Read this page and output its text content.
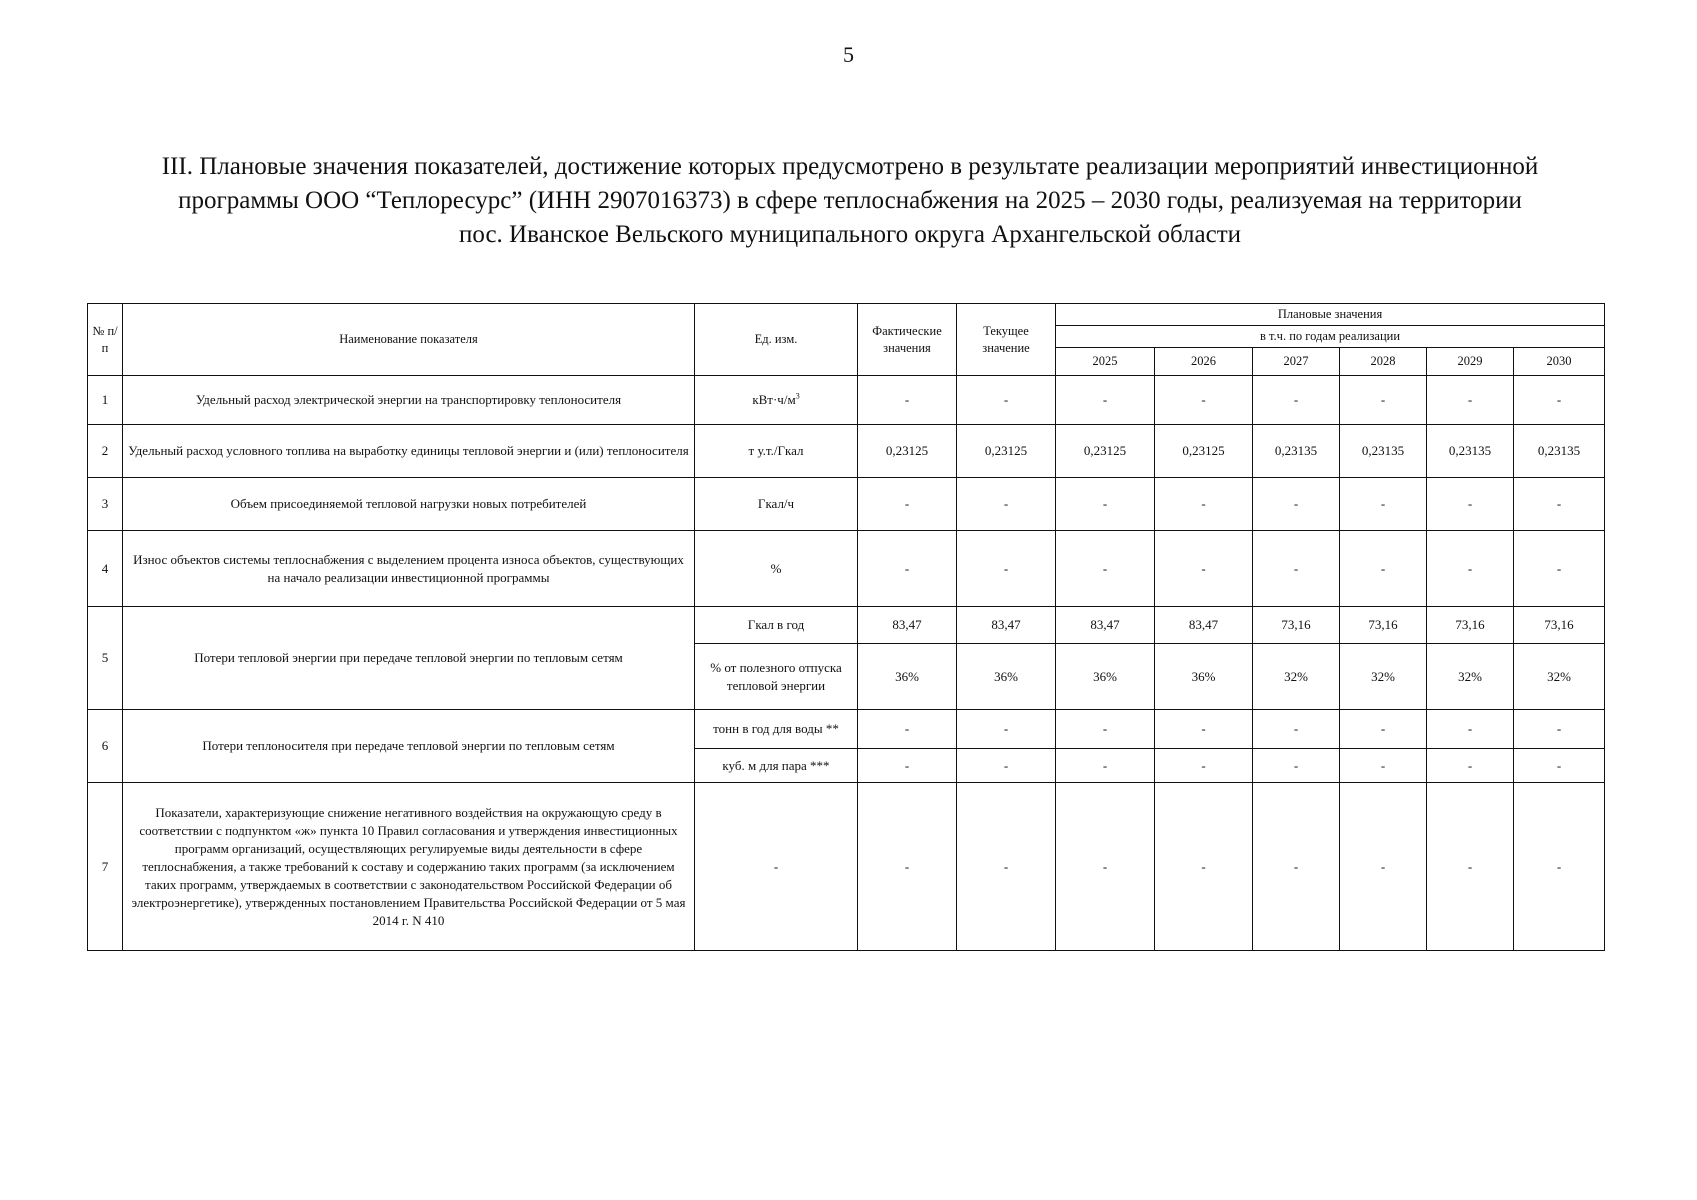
5
III. Плановые значения показателей, достижение которых предусмотрено в результате реализации мероприятий инвестиционной
программы ООО “Теплоресурс” (ИНН 2907016373) в сфере теплоснабжения на 2025 – 2030 годы, реализуемая на территории
пос. Иванское Вельского муниципального округа Архангельской области
№ п/п	Наименование показателя	Ед. изм.	Фактические значения	Текущее значение	Плановые значения					
					в т.ч. по годам реализации					
					2025	2026	2027	2028	2029	2030
1	Удельный расход электрической энергии на транспортировку теплоносителя	$кВт\cdot ч/м^3$	-	-	-	-	-	-	-	-
2	Удельный расход условного топлива на выработку единицы тепловой энергии и (или) теплоносителя	т у.т./Гкал	0,23125	0,23125	0,23125	0,23125	0,23135	0,23135	0,23135	0,23135
3	Объем присоединяемой тепловой нагрузки новых потребителей	Гкал/ч	-	-	-	-	-	-	-	-
4	Износ объектов системы теплоснабжения с выделением процента износа объектов, существующих на начало реализации инвестиционной программы	%	-	-	-	-	-	-	-	-
5	Потери тепловой энергии при передаче тепловой энергии по тепловым сетям	Гкал в год	83,47	83,47	83,47	83,47	73,16	73,16	73,16	73,16
		% от полезного отпуска тепловой энергии	36%	36%	36%	36%	32%	32%	32%	32%
6	Потери теплоносителя при передаче тепловой энергии по тепловым сетям	тонн в год для воды **	-	-	-	-	-	-	-	-
		куб. м для пара ***	-	-	-	-	-	-	-	-
7	Показатели, характеризующие снижение негативного воздействия на окружающую среду в соответствии с подпунктом «ж» пункта 10 Правил согласования и утверждения инвестиционных программ организаций, осуществляющих регулируемые виды деятельности в сфере теплоснабжения, а также требований к составу и содержанию таких программ (за исключением таких программ, утверждаемых в соответствии с законодательством Российской Федерации об электроэнергетике), утвержденных постановлением Правительства Российской Федерации от 5 мая 2014 г. N 410	-	-	-	-	-	-	-	-	-
